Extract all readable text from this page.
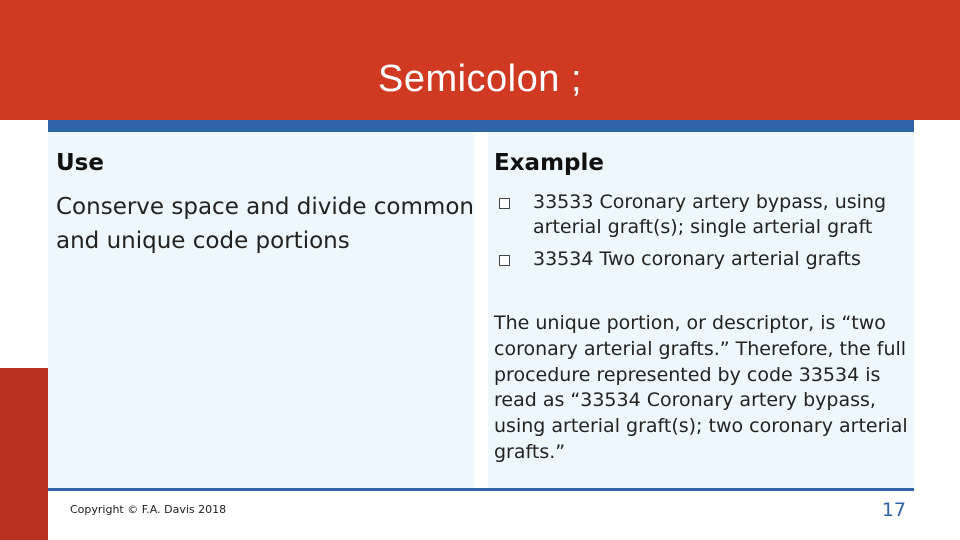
Semicolon ;
Use
Conserve space and divide common and unique code portions
Example
33533 Coronary artery bypass, using arterial graft(s); single arterial graft
33534 Two coronary arterial grafts
The unique portion, or descriptor, is “two coronary arterial grafts.” Therefore, the full procedure represented by code 33534 is read as “33534 Coronary artery bypass, using arterial graft(s); two coronary arterial grafts.”
Copyright © F.A. Davis 2018	17
